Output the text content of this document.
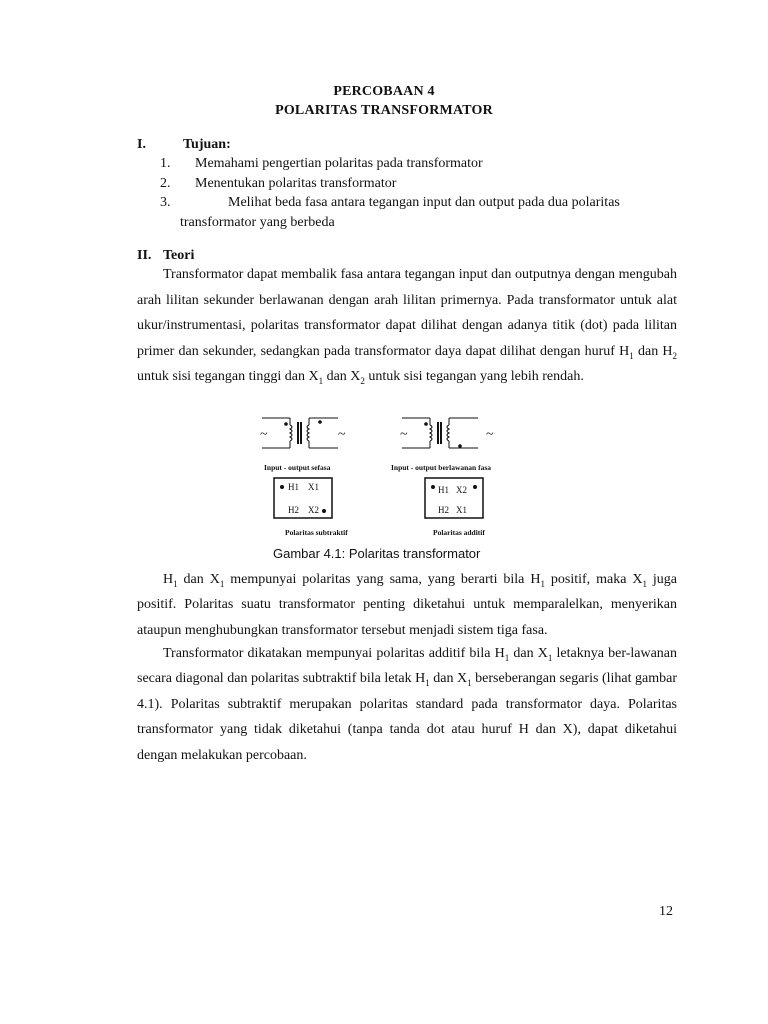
PERCOBAAN 4
POLARITAS TRANSFORMATOR
I.	Tujuan:
1. Memahami pengertian polaritas pada transformator
2. Menentukan polaritas transformator
3.	Melihat beda fasa antara tegangan input dan output pada dua polaritas
transformator yang berbeda
II. Teori

Transformator dapat membalik fasa antara tegangan input dan outputnya dengan mengubah arah lilitan sekunder berlawanan dengan arah lilitan primernya. Pada transformator untuk alat ukur/instrumentasi, polaritas transformator dapat dilihat dengan adanya titik (dot) pada lilitan primer dan sekunder, sedangkan pada transformator daya dapat dilihat dengan huruf $H_1$ dan $H_2$ untuk sisi tegangan tinggi dan $X_1$ dan $X_2$ untuk sisi tegangan yang lebih rendah.

~	~	~	~
Input - output sefasa	Input - output berlawanan fasa
Polaritas subtraktif	Polaritas additif
H1 X1
H2 X2
H1 X2
H2 X1
Gambar 4.1: Polaritas transformator

$H_1$ dan $X_1$ mempunyai polaritas yang sama, yang berarti bila $H_1$ positif, maka $X_1$ juga positif. Polaritas suatu transformator penting diketahui untuk memparalelkan, menyerikan ataupun menghubungkan transformator tersebut menjadi sistem tiga fasa.

Transformator dikatakan mempunyai polaritas additif bila $H_1$ dan $X_1$ letaknya ber-lawanan secara diagonal dan polaritas subtraktif bila letak $H_1$ dan $X_1$ berseberangan segaris (lihat gambar 4.1). Polaritas subtraktif merupakan polaritas standard pada transformator daya. Polaritas transformator yang tidak diketahui (tanpa tanda dot atau huruf H dan X), dapat diketahui dengan melakukan percobaan.

12
